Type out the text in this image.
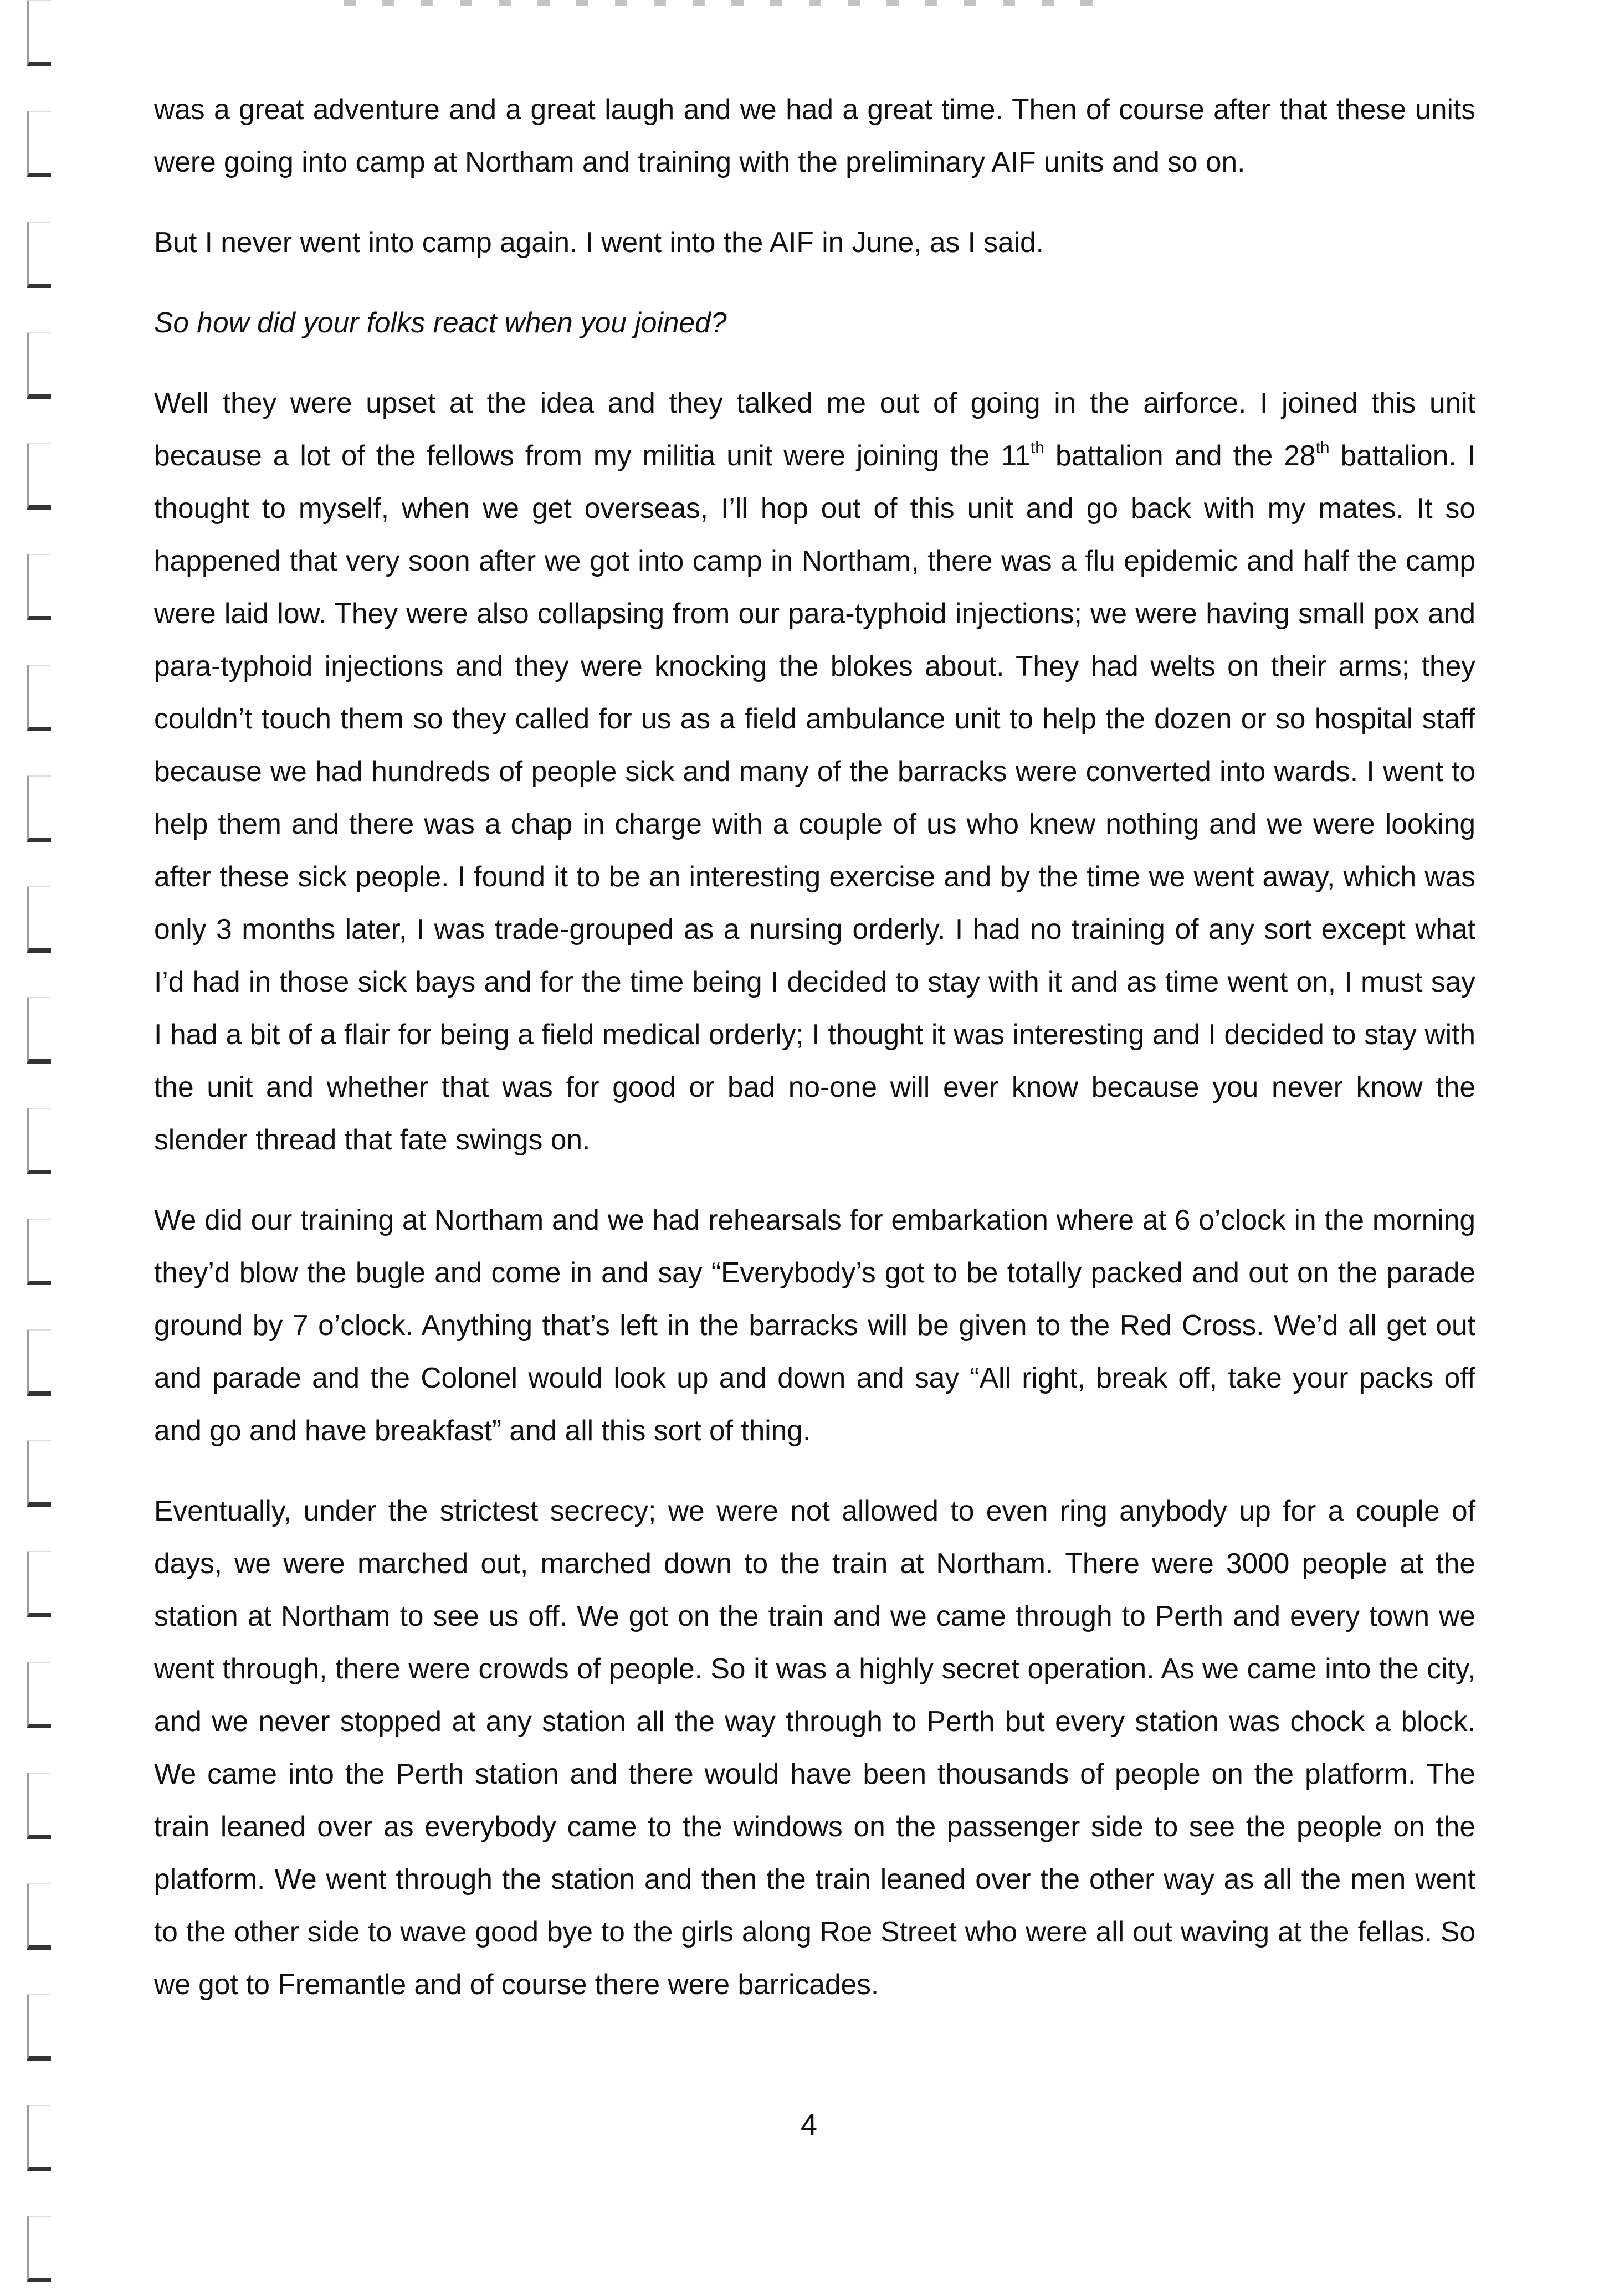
was a great adventure and a great laugh and we had a great time. Then of course after that these units were going into camp at Northam and training with the preliminary AIF units and so on.

But I never went into camp again. I went into the AIF in June, as I said.

So how did your folks react when you joined?

Well they were upset at the idea and they talked me out of going in the airforce. I joined this unit because a lot of the fellows from my militia unit were joining the 11th battalion and the 28th battalion. I thought to myself, when we get overseas, I’ll hop out of this unit and go back with my mates. It so happened that very soon after we got into camp in Northam, there was a flu epidemic and half the camp were laid low. They were also collapsing from our para-typhoid injections; we were having small pox and para-typhoid injections and they were knocking the blokes about. They had welts on their arms; they couldn’t touch them so they called for us as a field ambulance unit to help the dozen or so hospital staff because we had hundreds of people sick and many of the barracks were converted into wards. I went to help them and there was a chap in charge with a couple of us who knew nothing and we were looking after these sick people. I found it to be an interesting exercise and by the time we went away, which was only 3 months later, I was trade-grouped as a nursing orderly. I had no training of any sort except what I’d had in those sick bays and for the time being I decided to stay with it and as time went on, I must say I had a bit of a flair for being a field medical orderly; I thought it was interesting and I decided to stay with the unit and whether that was for good or bad no-one will ever know because you never know the slender thread that fate swings on.

We did our training at Northam and we had rehearsals for embarkation where at 6 o’clock in the morning they’d blow the bugle and come in and say “Everybody’s got to be totally packed and out on the parade ground by 7 o’clock. Anything that’s left in the barracks will be given to the Red Cross. We’d all get out and parade and the Colonel would look up and down and say “All right, break off, take your packs off and go and have breakfast” and all this sort of thing.

Eventually, under the strictest secrecy; we were not allowed to even ring anybody up for a couple of days, we were marched out, marched down to the train at Northam. There were 3000 people at the station at Northam to see us off. We got on the train and we came through to Perth and every town we went through, there were crowds of people. So it was a highly secret operation. As we came into the city, and we never stopped at any station all the way through to Perth but every station was chock a block. We came into the Perth station and there would have been thousands of people on the platform. The train leaned over as everybody came to the windows on the passenger side to see the people on the platform. We went through the station and then the train leaned over the other way as all the men went to the other side to wave good bye to the girls along Roe Street who were all out waving at the fellas. So we got to Fremantle and of course there were barricades.

4
